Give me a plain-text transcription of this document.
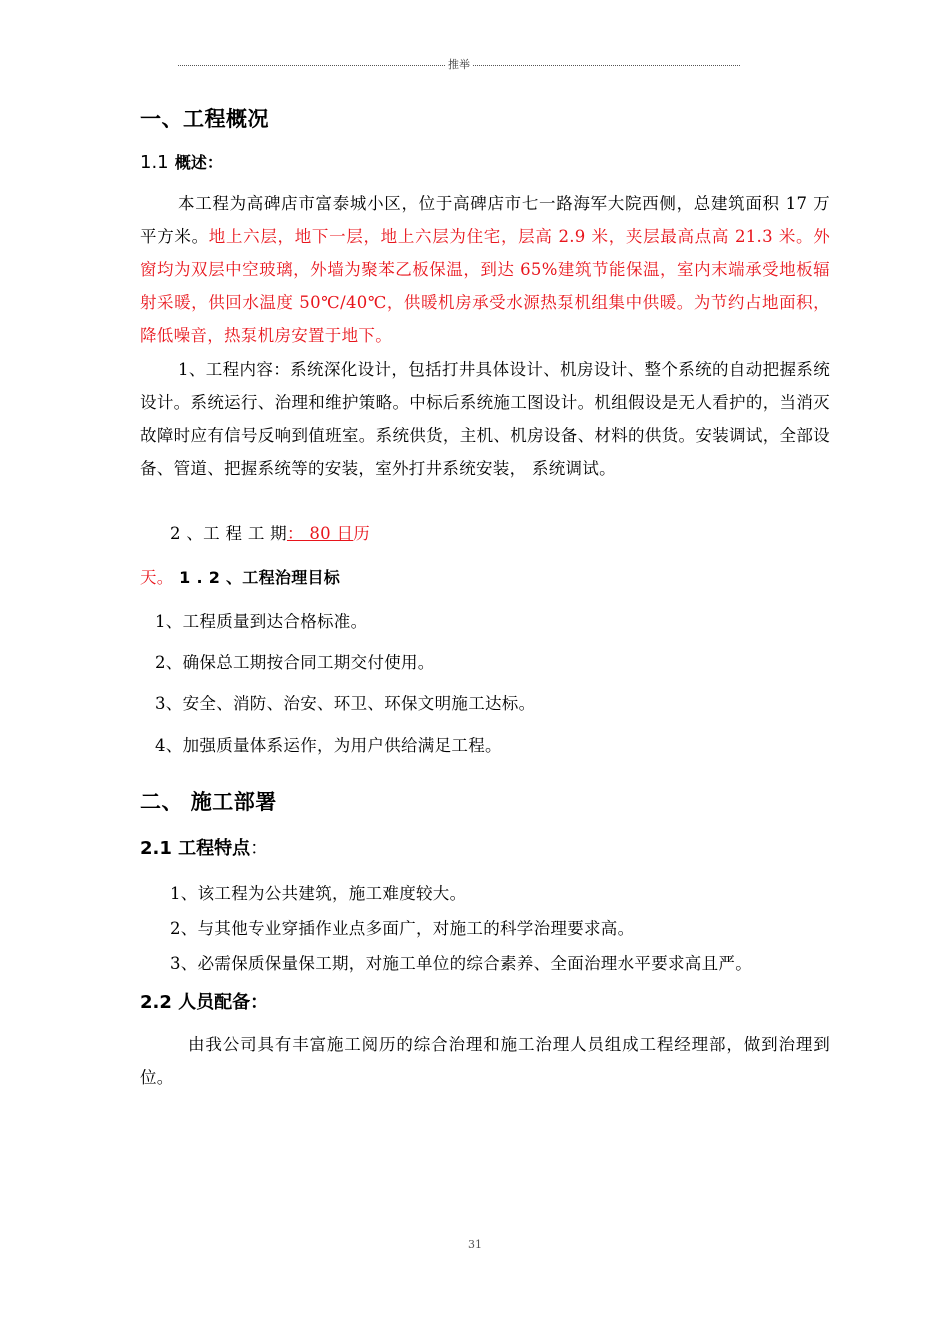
推举
一、工程概况
1.1 概述：
本工程为高碑店市富泰城小区，位于高碑店市七一路海军大院西侧，总建筑面积 17 万平方米。地上六层，地下一层，地上六层为住宅，层高 2.9 米，夹层最高点高 21.3 米。外窗均为双层中空玻璃，外墙为聚苯乙板保温，到达 65%建筑节能保温，室内末端承受地板辐射采暖，供回水温度 50℃/40℃，供暖机房承受水源热泵机组集中供暖。为节约占地面积，降低噪音，热泵机房安置于地下。
1、工程内容：系统深化设计，包括打井具体设计、机房设计、整个系统的自动把握系统设计。系统运行、治理和维护策略。中标后系统施工图设计。机组假设是无人看护的，当消灭故障时应有信号反响到值班室。系统供货，主机、机房设备、材料的供货。安装调试，全部设备、管道、把握系统等的安装，室外打井系统安装， 系统调试。
2 、工 程 工 期： 80 日历
天。 1 . 2 、工程治理目标
1、工程质量到达合格标准。
2、确保总工期按合同工期交付使用。
3、安全、消防、治安、环卫、环保文明施工达标。
4、加强质量体系运作，为用户供给满足工程。
二、 施工部署
2.1 工程特点：
1、该工程为公共建筑，施工难度较大。
2、与其他专业穿插作业点多面广，对施工的科学治理要求高。
3、必需保质保量保工期，对施工单位的综合素养、全面治理水平要求高且严。
2.2 人员配备：
由我公司具有丰富施工阅历的综合治理和施工治理人员组成工程经理部，做到治理到位。
31
